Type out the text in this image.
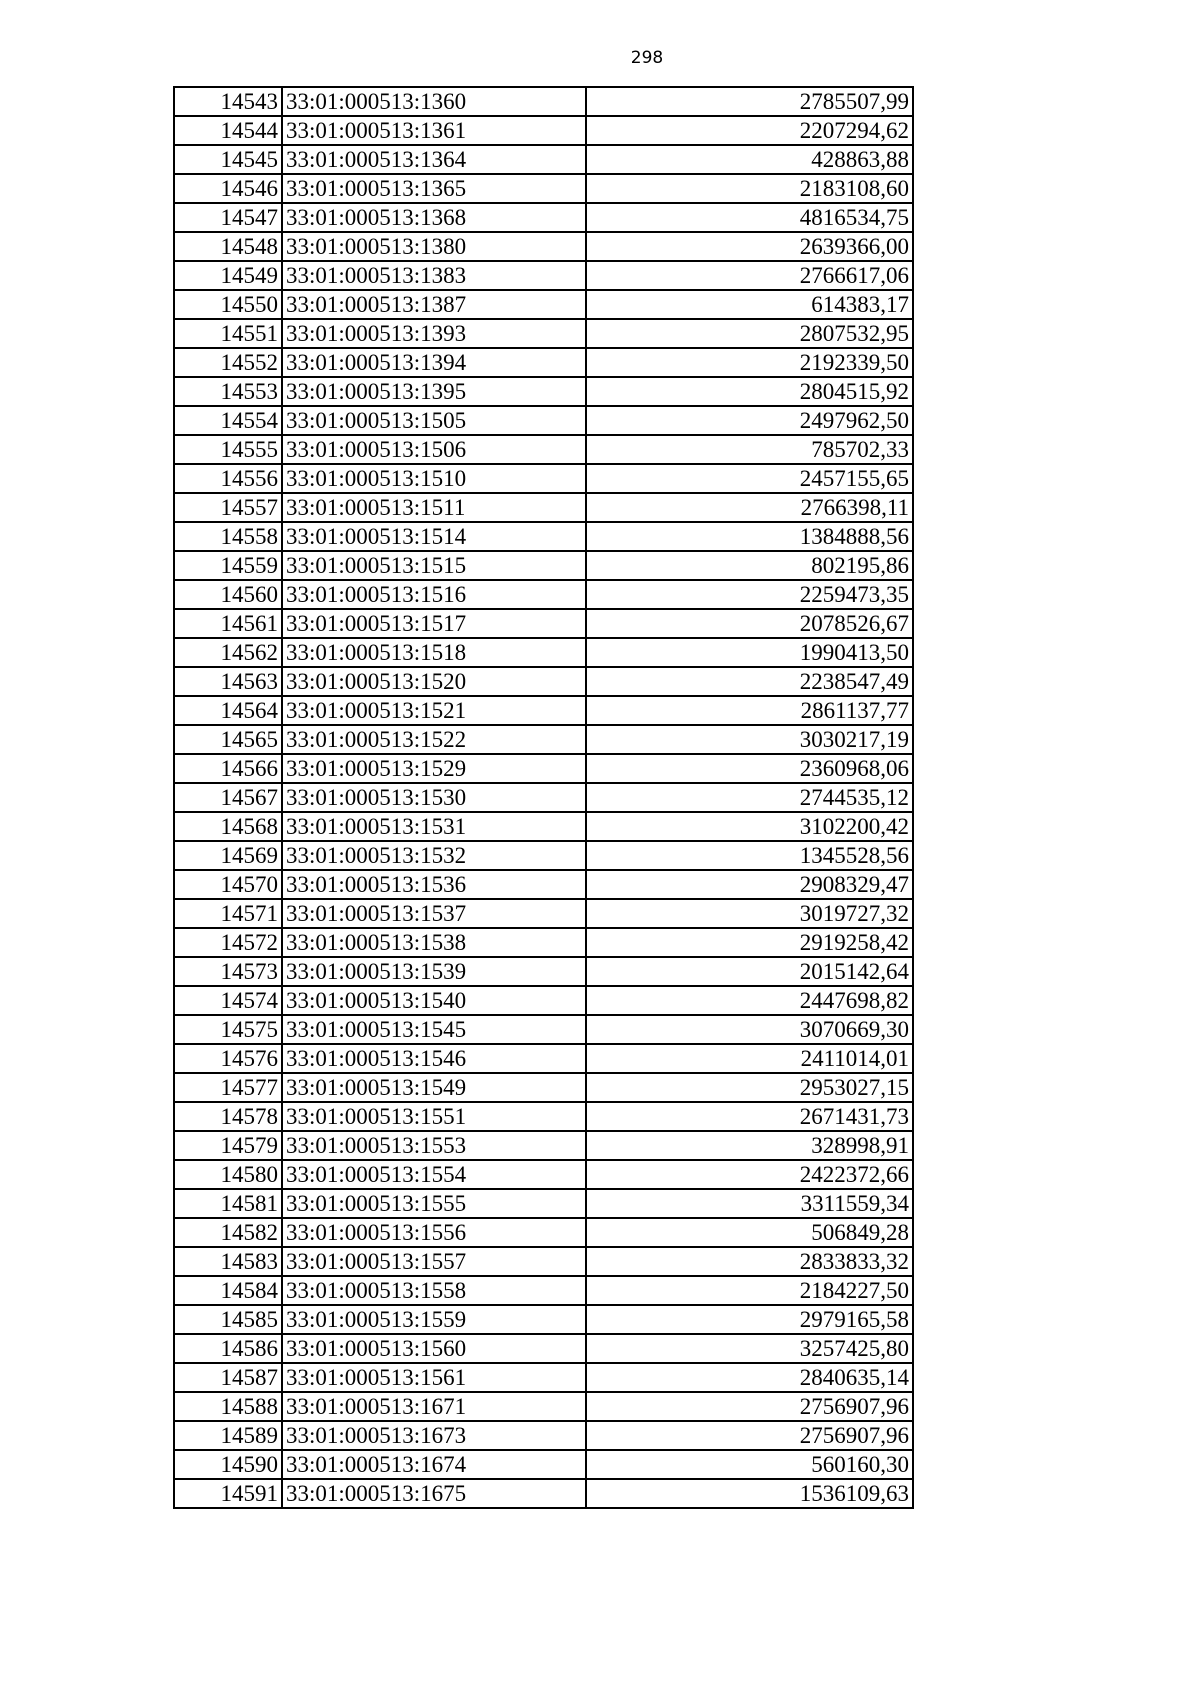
298
14543	33:01:000513:1360	2785507,99
14544	33:01:000513:1361	2207294,62
14545	33:01:000513:1364	428863,88
14546	33:01:000513:1365	2183108,60
14547	33:01:000513:1368	4816534,75
14548	33:01:000513:1380	2639366,00
14549	33:01:000513:1383	2766617,06
14550	33:01:000513:1387	614383,17
14551	33:01:000513:1393	2807532,95
14552	33:01:000513:1394	2192339,50
14553	33:01:000513:1395	2804515,92
14554	33:01:000513:1505	2497962,50
14555	33:01:000513:1506	785702,33
14556	33:01:000513:1510	2457155,65
14557	33:01:000513:1511	2766398,11
14558	33:01:000513:1514	1384888,56
14559	33:01:000513:1515	802195,86
14560	33:01:000513:1516	2259473,35
14561	33:01:000513:1517	2078526,67
14562	33:01:000513:1518	1990413,50
14563	33:01:000513:1520	2238547,49
14564	33:01:000513:1521	2861137,77
14565	33:01:000513:1522	3030217,19
14566	33:01:000513:1529	2360968,06
14567	33:01:000513:1530	2744535,12
14568	33:01:000513:1531	3102200,42
14569	33:01:000513:1532	1345528,56
14570	33:01:000513:1536	2908329,47
14571	33:01:000513:1537	3019727,32
14572	33:01:000513:1538	2919258,42
14573	33:01:000513:1539	2015142,64
14574	33:01:000513:1540	2447698,82
14575	33:01:000513:1545	3070669,30
14576	33:01:000513:1546	2411014,01
14577	33:01:000513:1549	2953027,15
14578	33:01:000513:1551	2671431,73
14579	33:01:000513:1553	328998,91
14580	33:01:000513:1554	2422372,66
14581	33:01:000513:1555	3311559,34
14582	33:01:000513:1556	506849,28
14583	33:01:000513:1557	2833833,32
14584	33:01:000513:1558	2184227,50
14585	33:01:000513:1559	2979165,58
14586	33:01:000513:1560	3257425,80
14587	33:01:000513:1561	2840635,14
14588	33:01:000513:1671	2756907,96
14589	33:01:000513:1673	2756907,96
14590	33:01:000513:1674	560160,30
14591	33:01:000513:1675	1536109,63
